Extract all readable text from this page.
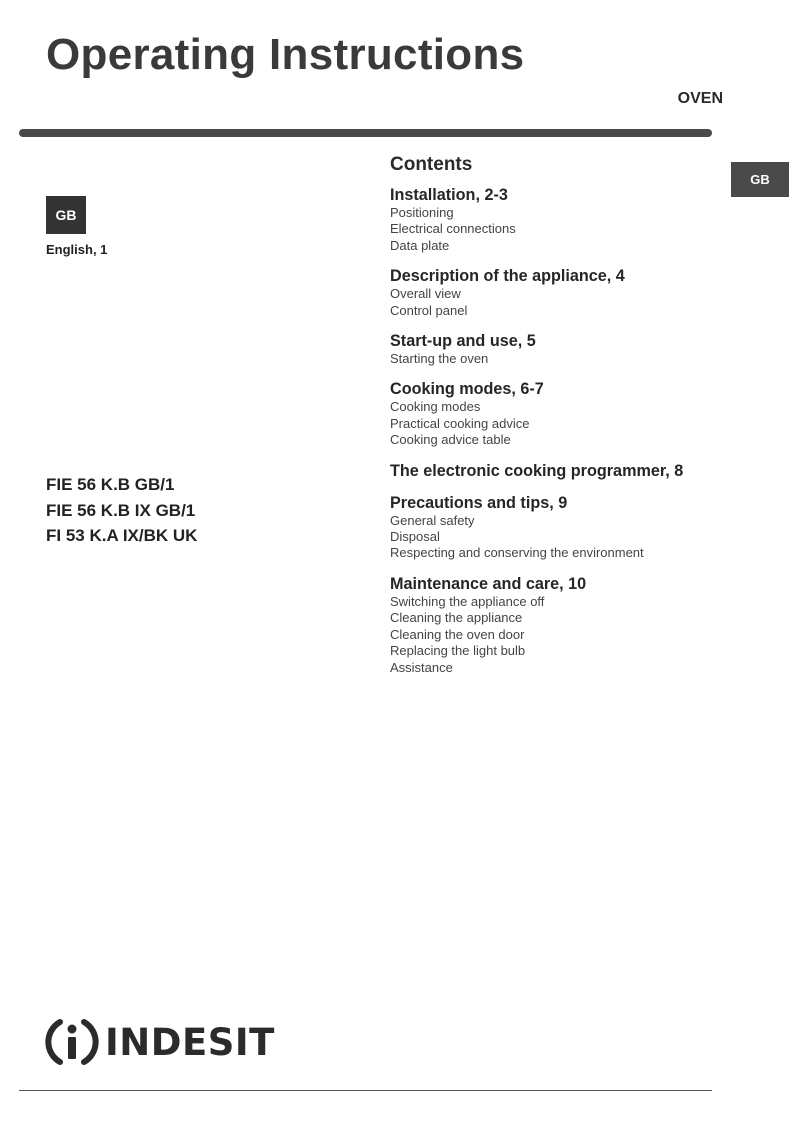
Operating Instructions
OVEN
GB
GB
English, 1
FIE 56 K.B GB/1
FIE 56 K.B IX GB/1
FI 53 K.A IX/BK UK
Contents
Installation, 2-3
Positioning
Electrical connections
Data plate
Description of the appliance, 4
Overall view
Control panel
Start-up and use, 5
Starting the oven
Cooking modes, 6-7
Cooking modes
Practical cooking advice
Cooking advice table
The electronic cooking programmer, 8
Precautions and tips, 9
General safety
Disposal
Respecting and conserving the environment
Maintenance and care, 10
Switching the appliance off
Cleaning the appliance
Cleaning the oven door
Replacing the light bulb
Assistance
INDESIT
